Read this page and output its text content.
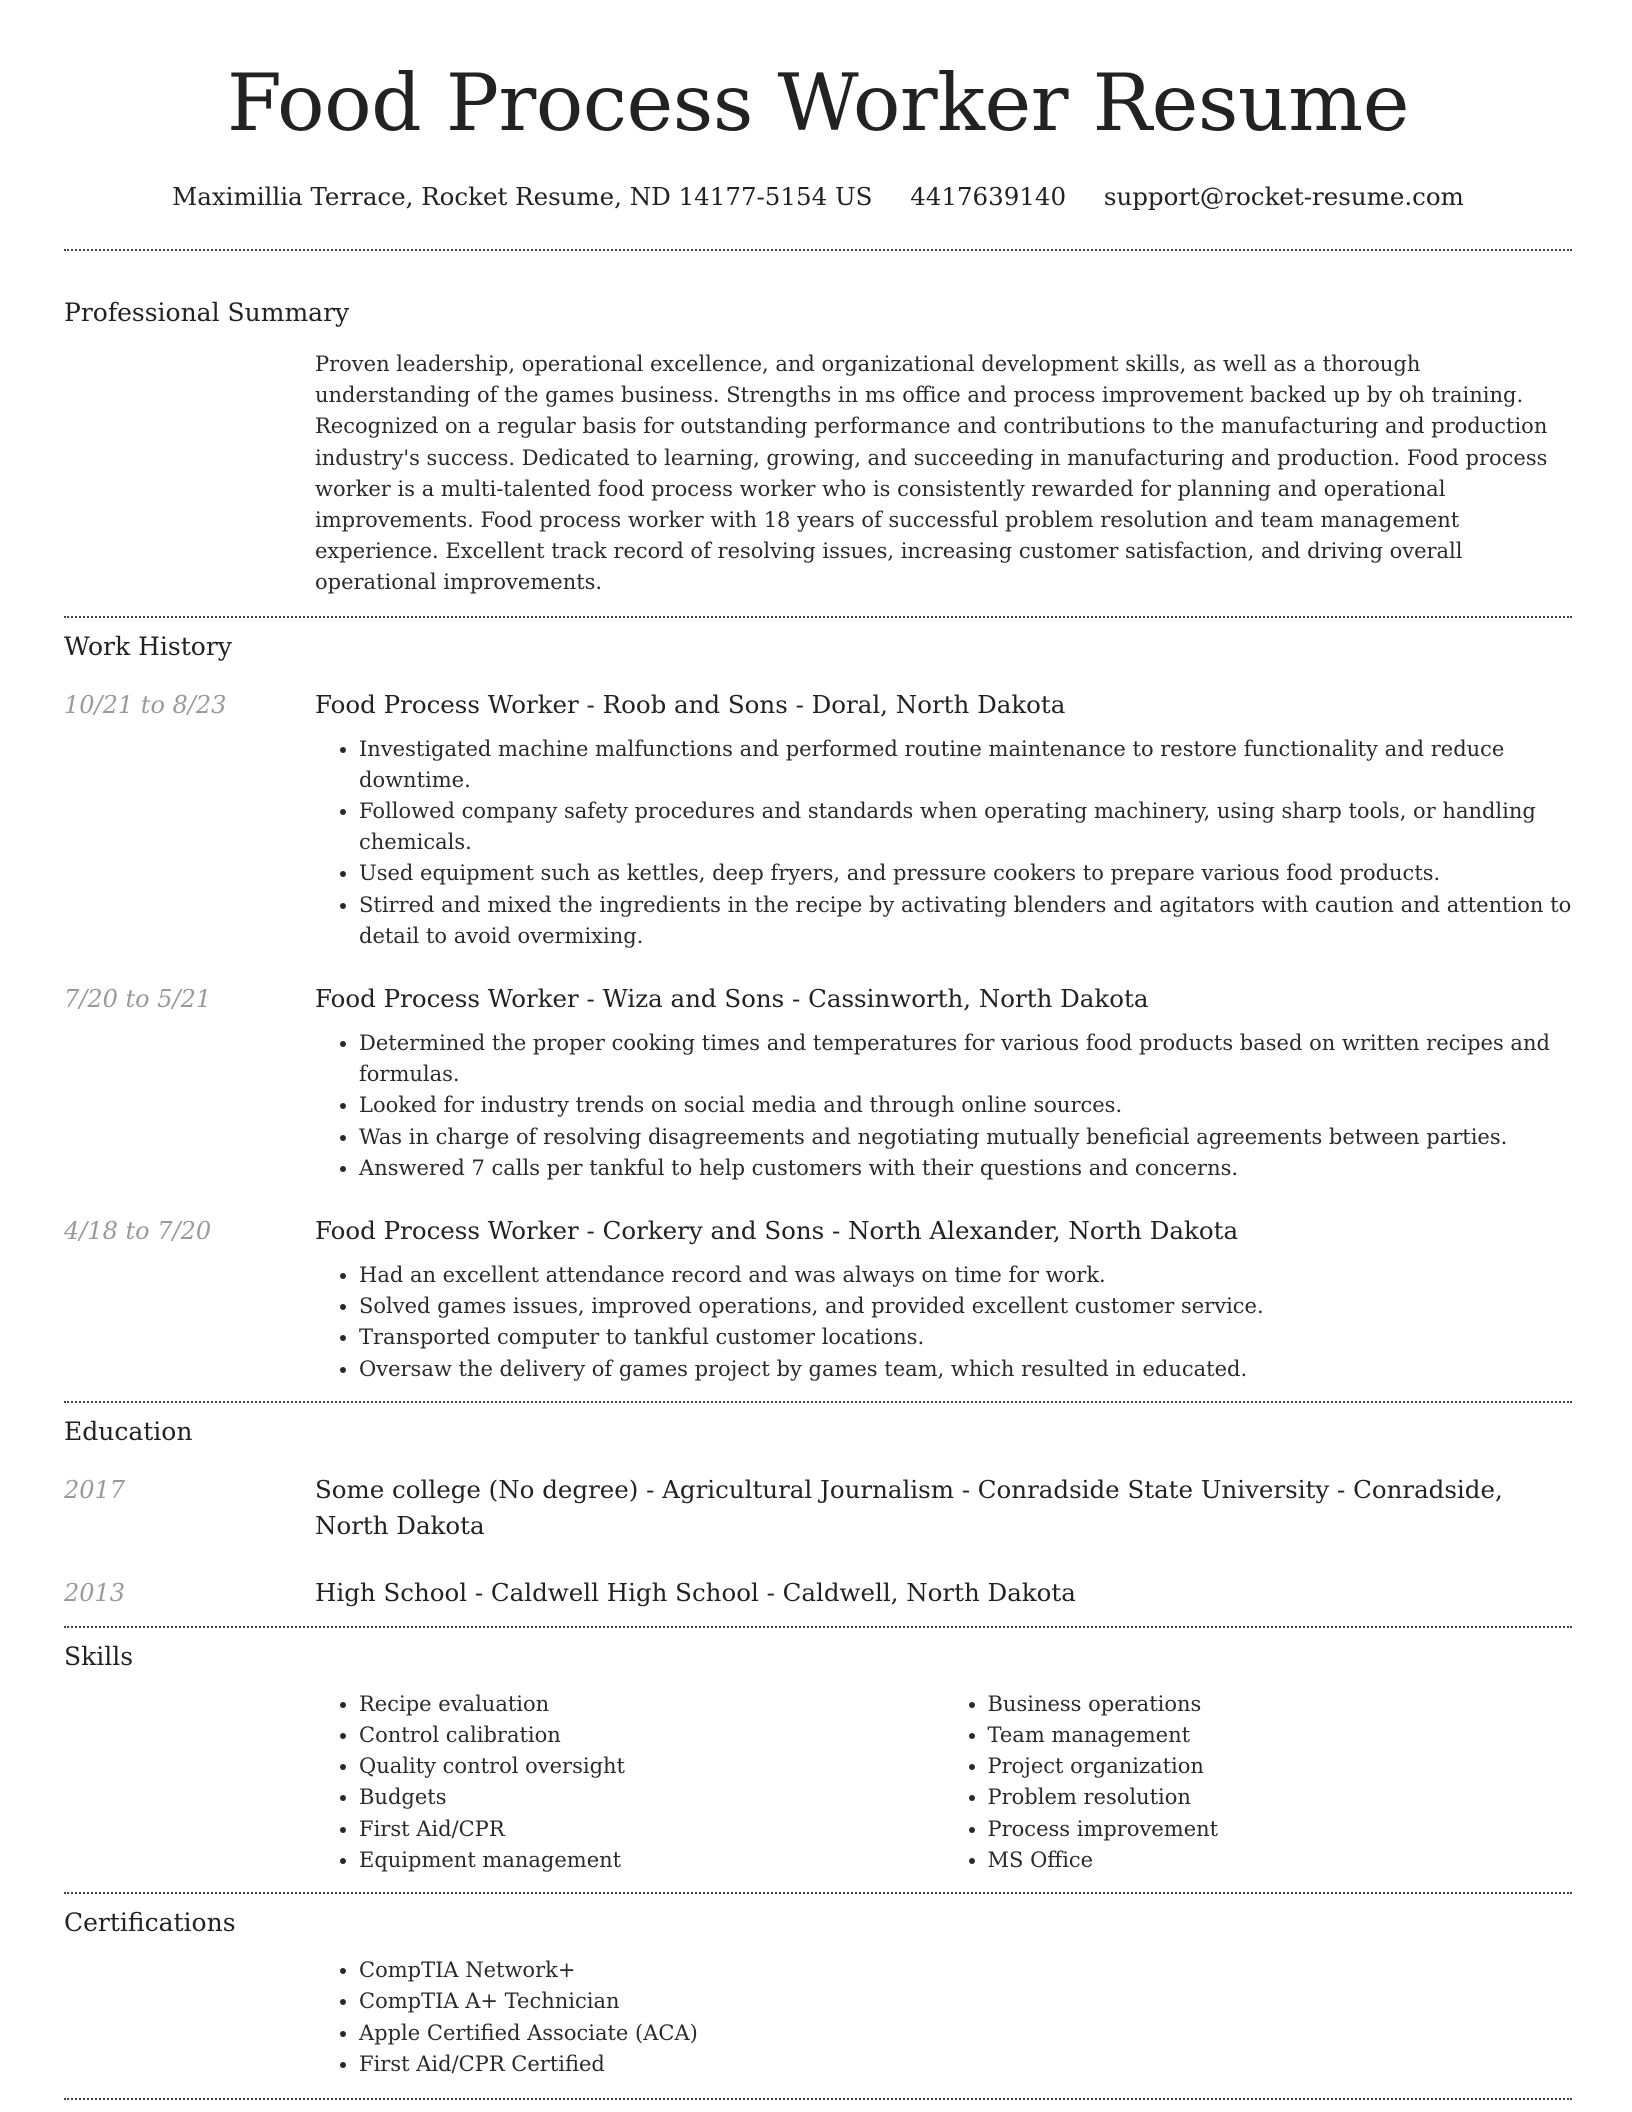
Food Process Worker Resume
Maximillia Terrace, Rocket Resume, ND 14177-5154 US 4417639140 support@rocket-resume.com
Professional Summary

Proven leadership, operational excellence, and organizational development skills, as well as a thorough understanding of the games business. Strengths in ms office and process improvement backed up by oh training. Recognized on a regular basis for outstanding performance and contributions to the manufacturing and production industry's success. Dedicated to learning, growing, and succeeding in manufacturing and production. Food process worker is a multi-talented food process worker who is consistently rewarded for planning and operational improvements. Food process worker with 18 years of successful problem resolution and team management experience. Excellent track record of resolving issues, increasing customer satisfaction, and driving overall operational improvements.

Work History
10/21 to 8/23	Food Process Worker - Roob and Sons - Doral, North Dakota
• Investigated machine malfunctions and performed routine maintenance to restore functionality and reduce downtime.
• Followed company safety procedures and standards when operating machinery, using sharp tools, or handling chemicals.
• Used equipment such as kettles, deep fryers, and pressure cookers to prepare various food products.
• Stirred and mixed the ingredients in the recipe by activating blenders and agitators with caution and attention to detail to avoid overmixing.
7/20 to 5/21	Food Process Worker - Wiza and Sons - Cassinworth, North Dakota
• Determined the proper cooking times and temperatures for various food products based on written recipes and formulas.
• Looked for industry trends on social media and through online sources.
• Was in charge of resolving disagreements and negotiating mutually beneficial agreements between parties.
• Answered 7 calls per tankful to help customers with their questions and concerns.
4/18 to 7/20	Food Process Worker - Corkery and Sons - North Alexander, North Dakota
• Had an excellent attendance record and was always on time for work.
• Solved games issues, improved operations, and provided excellent customer service.
• Transported computer to tankful customer locations.
• Oversaw the delivery of games project by games team, which resulted in educated.
Education
2017	Some college (No degree) - Agricultural Journalism - Conradside State University - Conradside, North Dakota
2013	High School - Caldwell High School - Caldwell, North Dakota
Skills
• Recipe evaluation
• Control calibration
• Quality control oversight
• Budgets
• First Aid/CPR
• Equipment management
• Business operations
• Team management
• Project organization
• Problem resolution
• Process improvement
• MS Office
Certifications
• CompTIA Network+
• CompTIA A+ Technician
• Apple Certified Associate (ACA)
• First Aid/CPR Certified
